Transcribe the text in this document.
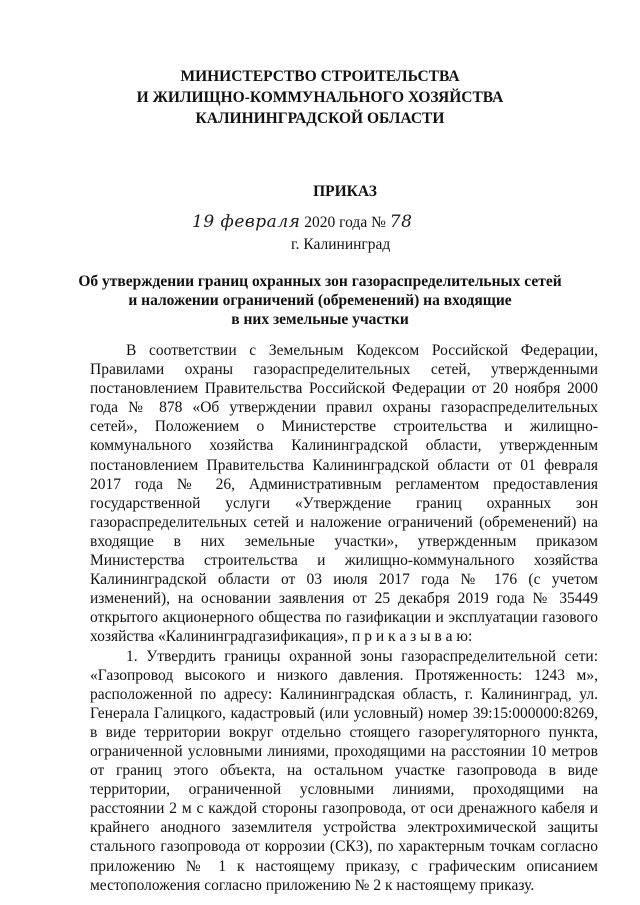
МИНИСТЕРСТВО СТРОИТЕЛЬСТВА
И ЖИЛИЩНО-КОММУНАЛЬНОГО ХОЗЯЙСТВА
КАЛИНИНГРАДСКОЙ ОБЛАСТИ
ПРИКАЗ
19 февраля 2020 года № 78
г. Калининград
Об утверждении границ охранных зон газораспределительных сетей
и наложении ограничений (обременений) на входящие
в них земельные участки

В соответствии с Земельным Кодексом Российской Федерации, Правилами охраны газораспределительных сетей, утвержденными постановлением Правительства Российской Федерации от 20 ноября 2000 года № 878 «Об утверждении правил охраны газораспределительных сетей», Положением о Министерстве строительства и жилищно-коммунального хозяйства Калининградской области, утвержденным постановлением Правительства Калининградской области от 01 февраля 2017 года № 26, Административным регламентом предоставления государственной услуги «Утверждение границ охранных зон газораспределительных сетей и наложение ограничений (обременений) на входящие в них земельные участки», утвержденным приказом Министерства строительства и жилищно-коммунального хозяйства Калининградской области от 03 июля 2017 года № 176 (с учетом изменений), на основании заявления от 25 декабря 2019 года № 35449 открытого акционерного общества по газификации и эксплуатации газового хозяйства «Калининградгазификация», п р и к а з ы в а ю:

1. Утвердить границы охранной зоны газораспределительной сети: «Газопровод высокого и низкого давления. Протяженность: 1243 м», расположенной по адресу: Калининградская область, г. Калининград, ул. Генерала Галицкого, кадастровый (или условный) номер 39:15:000000:8269, в виде территории вокруг отдельно стоящего газорегуляторного пункта, ограниченной условными линиями, проходящими на расстоянии 10 метров от границ этого объекта, на остальном участке газопровода в виде территории, ограниченной условными линиями, проходящими на расстоянии 2 м с каждой стороны газопровода, от оси дренажного кабеля и крайнего анодного заземлителя устройства электрохимической защиты стального газопровода от коррозии (СКЗ), по характерным точкам согласно приложению № 1 к настоящему приказу, с графическим описанием местоположения согласно приложению № 2 к настоящему приказу.
